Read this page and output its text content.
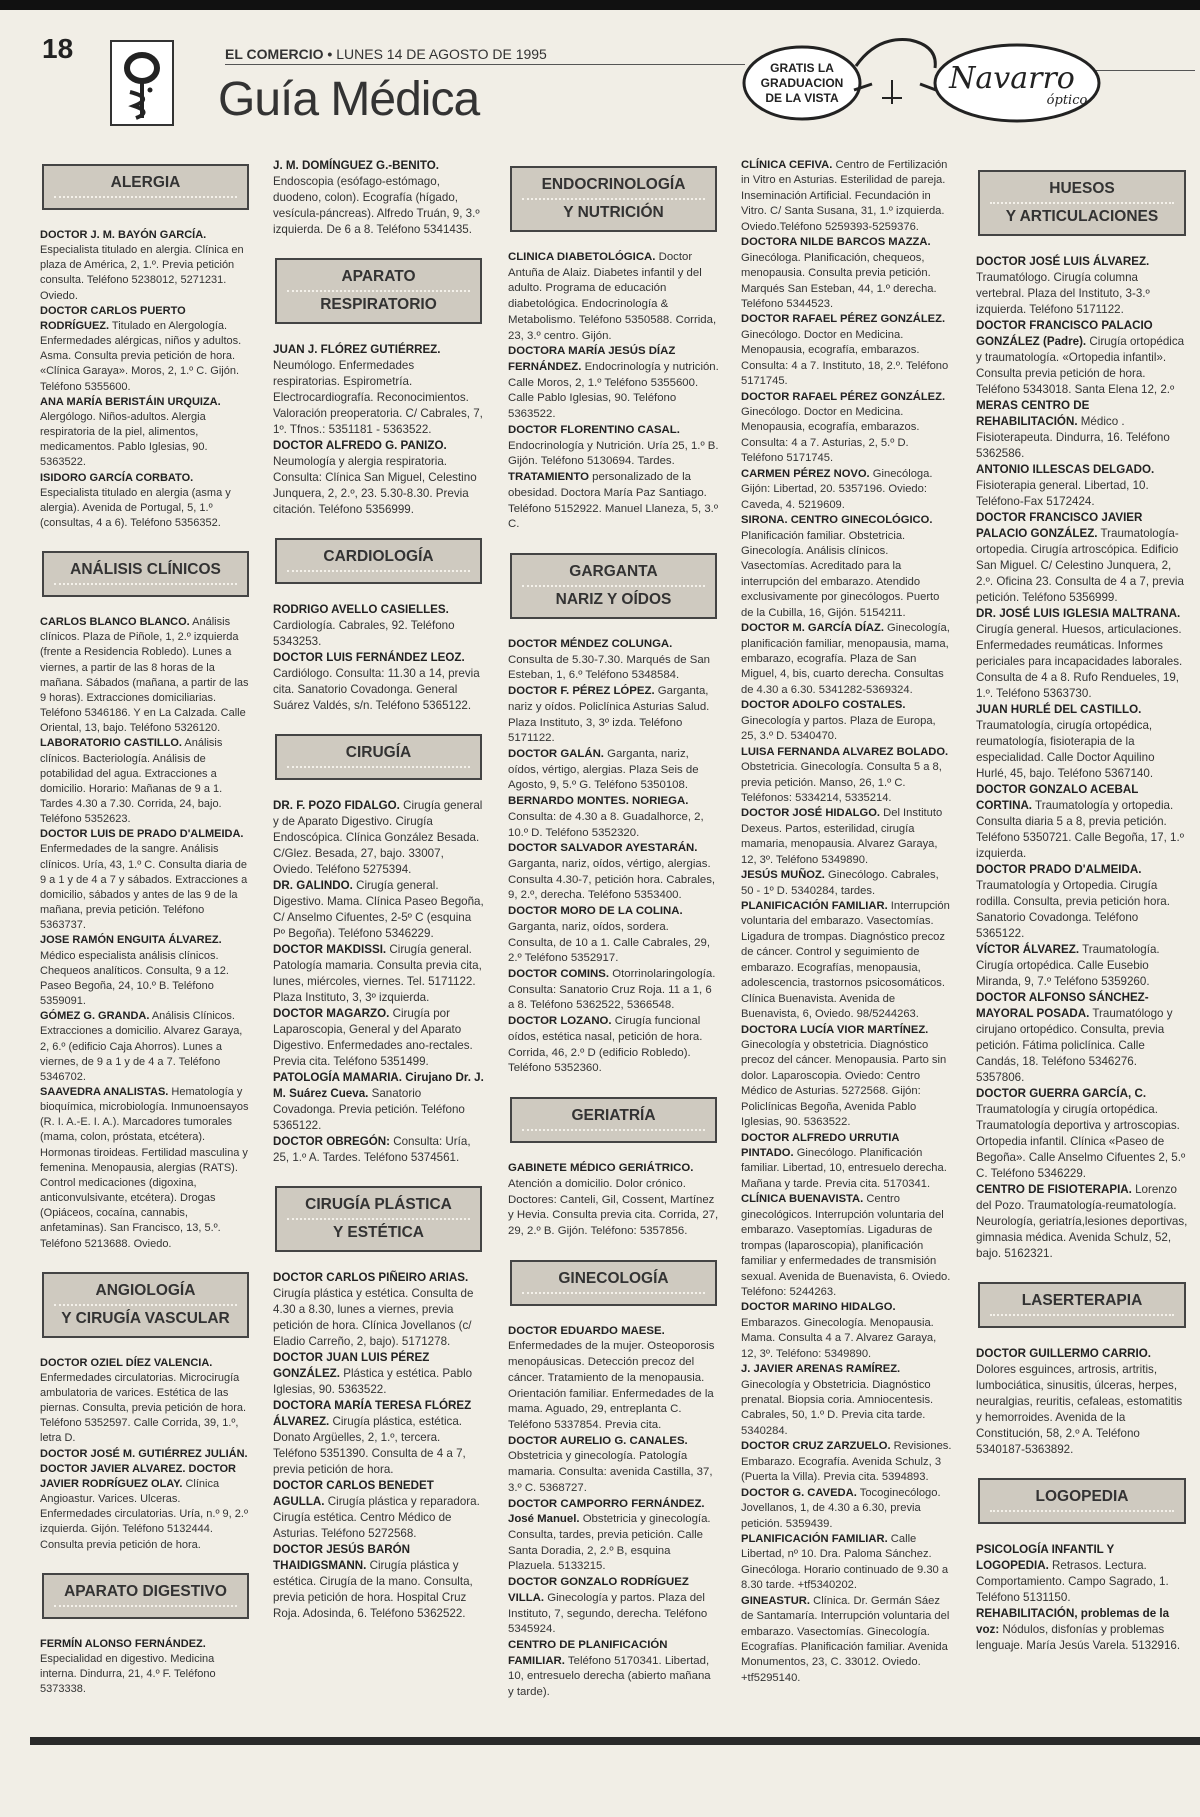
18	EL COMERCIO • LUNES 14 DE AGOSTO DE 1995
Guía Médica
GRATIS LA
GRADUACION
DE LA VISTA
Navarro
óptico
ALERGIA

DOCTOR J. M. BAYÓN GARCÍA. Especialista titulado en alergia. Clínica en plaza de América, 2, 1.º. Previa petición consulta. Teléfono 5238012, 5271231. Oviedo.

DOCTOR CARLOS PUERTO RODRÍGUEZ. Titulado en Alergología. Enfermedades alérgicas, niños y adultos. Asma. Consulta previa petición de hora. «Clínica Garaya». Moros, 2, 1.º C. Gijón. Teléfono 5355600.

ANA MARÍA BERISTÁIN URQUIZA. Alergólogo. Niños-adultos. Alergia respiratoria de la piel, alimentos, medicamentos. Pablo Iglesias, 90. 5363522.

ISIDORO GARCÍA CORBATO. Especialista titulado en alergia (asma y alergia). Avenida de Portugal, 5, 1.º (consultas, 4 a 6). Teléfono 5356352.

ANÁLISIS CLÍNICOS

CARLOS BLANCO BLANCO. Análisis clínicos. Plaza de Piñole, 1, 2.º izquierda (frente a Residencia Robledo). Lunes a viernes, a partir de las 8 horas de la mañana. Sábados (mañana, a partir de las 9 horas). Extracciones domiciliarias. Teléfono 5346186. Y en La Calzada. Calle Oriental, 13, bajo. Teléfono 5326120.

LABORATORIO CASTILLO. Análisis clínicos. Bacteriología. Análisis de potabilidad del agua. Extracciones a domicilio. Horario: Mañanas de 9 a 1. Tardes 4.30 a 7.30. Corrida, 24, bajo. Teléfono 5352623.

DOCTOR LUIS DE PRADO D'ALMEIDA. Enfermedades de la sangre. Análisis clínicos. Uría, 43, 1.º C. Consulta diaria de 9 a 1 y de 4 a 7 y sábados. Extracciones a domicilio, sábados y antes de las 9 de la mañana, previa petición. Teléfono 5363737.

JOSE RAMÓN ENGUITA ÁLVAREZ. Médico especialista análisis clínicos. Chequeos analíticos. Consulta, 9 a 12. Paseo Begoña, 24, 10.º B. Teléfono 5359091.

GÓMEZ G. GRANDA. Análisis Clínicos. Extracciones a domicilio. Alvarez Garaya, 2, 6.º (edificio Caja Ahorros). Lunes a viernes, de 9 a 1 y de 4 a 7. Teléfono 5346702.

SAAVEDRA ANALISTAS. Hematología y bioquímica, microbiología. Inmunoensayos (R. I. A.-E. I. A.). Marcadores tumorales (mama, colon, próstata, etcétera). Hormonas tiroideas. Fertilidad masculina y femenina. Menopausia, alergias (RATS). Control medicaciones (digoxina, anticonvulsivante, etcétera). Drogas (Opiáceos, cocaína, cannabis, anfetaminas). San Francisco, 13, 5.º. Teléfono 5213688. Oviedo.

ANGIOLOGÍA
Y CIRUGÍA VASCULAR

DOCTOR OZIEL DÍEZ VALENCIA. Enfermedades circulatorias. Microcirugía ambulatoria de varices. Estética de las piernas. Consulta, previa petición de hora. Teléfono 5352597. Calle Corrida, 39, 1.º, letra D.

DOCTOR JOSÉ M. GUTIÉRREZ JULIÁN. DOCTOR JAVIER ALVAREZ. DOCTOR JAVIER RODRÍGUEZ OLAY. Clínica Angioastur. Varices. Ulceras. Enfermedades circulatorias. Uría, n.º 9, 2.º izquierda. Gijón. Teléfono 5132444. Consulta previa petición de hora.

APARATO DIGESTIVO

FERMÍN ALONSO FERNÁNDEZ. Especialidad en digestivo. Medicina interna. Dindurra, 21, 4.º F. Teléfono 5373338.

J. M. DOMÍNGUEZ G.-BENITO. Endoscopia (esófago-estómago, duodeno, colon). Ecografía (hígado, vesícula-páncreas). Alfredo Truán, 9, 3.º izquierda. De 6 a 8. Teléfono 5341435.

APARATO
RESPIRATORIO

JUAN J. FLÓREZ GUTIÉRREZ. Neumólogo. Enfermedades respiratorias. Espirometría. Electrocardiografía. Reconocimientos. Valoración preoperatoria. C/ Cabrales, 7, 1º. Tfnos.: 5351181 - 5363522.

DOCTOR ALFREDO G. PANIZO. Neumología y alergia respiratoria. Consulta: Clínica San Miguel, Celestino Junquera, 2, 2.º, 23. 5.30-8.30. Previa citación. Teléfono 5356999.

CARDIOLOGÍA

RODRIGO AVELLO CASIELLES. Cardiología. Cabrales, 92. Teléfono 5343253.

DOCTOR LUIS FERNÁNDEZ LEOZ. Cardiólogo. Consulta: 11.30 a 14, previa cita. Sanatorio Covadonga. General Suárez Valdés, s/n. Teléfono 5365122.

CIRUGÍA

DR. F. POZO FIDALGO. Cirugía general y de Aparato Digestivo. Cirugía Endoscópica. Clínica González Besada. C/Glez. Besada, 27, bajo. 33007, Oviedo. Teléfono 5275394.

DR. GALINDO. Cirugía general. Digestivo. Mama. Clínica Paseo Begoña, C/ Anselmo Cifuentes, 2-5º C (esquina Pº Begoña). Teléfono 5346229.

DOCTOR MAKDISSI. Cirugía general. Patología mamaria. Consulta previa cita, lunes, miércoles, viernes. Tel. 5171122. Plaza Instituto, 3, 3º izquierda.

DOCTOR MAGARZO. Cirugía por Laparoscopia, General y del Aparato Digestivo. Enfermedades ano-rectales. Previa cita. Teléfono 5351499.

PATOLOGÍA MAMARIA. Cirujano Dr. J. M. Suárez Cueva. Sanatorio Covadonga. Previa petición. Teléfono 5365122.

DOCTOR OBREGÓN: Consulta: Uría, 25, 1.º A. Tardes. Teléfono 5374561.

CIRUGÍA PLÁSTICA
Y ESTÉTICA

DOCTOR CARLOS PIÑEIRO ARIAS. Cirugía plástica y estética. Consulta de 4.30 a 8.30, lunes a viernes, previa petición de hora. Clínica Jovellanos (c/ Eladio Carreño, 2, bajo). 5171278.

DOCTOR JUAN LUIS PÉREZ GONZÁLEZ. Plástica y estética. Pablo Iglesias, 90. 5363522.

DOCTORA MARÍA TERESA FLÓREZ ÁLVAREZ. Cirugía plástica, estética. Donato Argüelles, 2, 1.º, tercera. Teléfono 5351390. Consulta de 4 a 7, previa petición de hora.

DOCTOR CARLOS BENEDET AGULLA. Cirugía plástica y reparadora. Cirugía estética. Centro Médico de Asturias. Teléfono 5272568.

DOCTOR JESÚS BARÓN THAIDIGSMANN. Cirugía plástica y estética. Cirugía de la mano. Consulta, previa petición de hora. Hospital Cruz Roja. Adosinda, 6. Teléfono 5362522.

ENDOCRINOLOGÍA
Y NUTRICIÓN

CLINICA DIABETOLÓGICA. Doctor Antuña de Alaiz. Diabetes infantil y del adulto. Programa de educación diabetológica. Endocrinología & Metabolismo. Teléfono 5350588. Corrida, 23, 3.º centro. Gijón.

DOCTORA MARÍA JESÚS DÍAZ FERNÁNDEZ. Endocrinología y nutrición. Calle Moros, 2, 1.º Teléfono 5355600. Calle Pablo Iglesias, 90. Teléfono 5363522.

DOCTOR FLORENTINO CASAL. Endocrinología y Nutrición. Uría 25, 1.º B. Gijón. Teléfono 5130694. Tardes.

TRATAMIENTO personalizado de la obesidad. Doctora María Paz Santiago. Teléfono 5152922. Manuel Llaneza, 5, 3.º C.

GARGANTA
NARIZ Y OÍDOS

DOCTOR MÉNDEZ COLUNGA. Consulta de 5.30-7.30. Marqués de San Esteban, 1, 6.º Teléfono 5348584.

DOCTOR F. PÉREZ LÓPEZ. Garganta, nariz y oídos. Policlínica Asturias Salud. Plaza Instituto, 3, 3º izda. Teléfono 5171122.

DOCTOR GALÁN. Garganta, nariz, oídos, vértigo, alergias. Plaza Seis de Agosto, 9, 5.º G. Teléfono 5350108.

BERNARDO MONTES. NORIEGA. Consulta: de 4.30 a 8. Guadalhorce, 2, 10.º D. Teléfono 5352320.

DOCTOR SALVADOR AYESTARÁN. Garganta, nariz, oídos, vértigo, alergias. Consulta 4.30-7, petición hora. Cabrales, 9, 2.º, derecha. Teléfono 5353400.

DOCTOR MORO DE LA COLINA. Garganta, nariz, oídos, sordera. Consulta, de 10 a 1. Calle Cabrales, 29, 2.º Teléfono 5352917.

DOCTOR COMINS. Otorrinolaringología. Consulta: Sanatorio Cruz Roja. 11 a 1, 6 a 8. Teléfono 5362522, 5366548.

DOCTOR LOZANO. Cirugía funcional oídos, estética nasal, petición de hora. Corrida, 46, 2.º D (edificio Robledo). Teléfono 5352360.

GERIATRÍA

GABINETE MÉDICO GERIÁTRICO. Atención a domicilio. Dolor crónico. Doctores: Canteli, Gil, Cossent, Martínez y Hevia. Consulta previa cita. Corrida, 27, 29, 2.º B. Gijón. Teléfono: 5357856.

GINECOLOGÍA

DOCTOR EDUARDO MAESE. Enfermedades de la mujer. Osteoporosis menopáusicas. Detección precoz del cáncer. Tratamiento de la menopausia. Orientación familiar. Enfermedades de la mama. Aguado, 29, entreplanta C. Teléfono 5337854. Previa cita.

DOCTOR AURELIO G. CANALES. Obstetricia y ginecología. Patología mamaria. Consulta: avenida Castilla, 37, 3.º C. 5368727.

DOCTOR CAMPORRO FERNÁNDEZ. José Manuel. Obstetricia y ginecología. Consulta, tardes, previa petición. Calle Santa Doradia, 2, 2.º B, esquina Plazuela. 5133215.

DOCTOR GONZALO RODRÍGUEZ VILLA. Ginecología y partos. Plaza del Instituto, 7, segundo, derecha. Teléfono 5345924.

CENTRO DE PLANIFICACIÓN FAMILIAR. Teléfono 5170341. Libertad, 10, entresuelo derecha (abierto mañana y tarde).

CLÍNICA CEFIVA. Centro de Fertilización in Vitro en Asturias. Esterilidad de pareja. Inseminación Artificial. Fecundación in Vitro. C/ Santa Susana, 31, 1.º izquierda. Oviedo.Teléfono 5259393-5259376.

DOCTORA NILDE BARCOS MAZZA. Ginecóloga. Planificación, chequeos, menopausia. Consulta previa petición. Marqués San Esteban, 44, 1.º derecha. Teléfono 5344523.

DOCTOR RAFAEL PÉREZ GONZÁLEZ. Ginecólogo. Doctor en Medicina. Menopausia, ecografía, embarazos. Consulta: 4 a 7. Instituto, 18, 2.º. Teléfono 5171745.

DOCTOR RAFAEL PÉREZ GONZÁLEZ. Ginecólogo. Doctor en Medicina. Menopausia, ecografía, embarazos. Consulta: 4 a 7. Asturias, 2, 5.º D. Teléfono 5171745.

CARMEN PÉREZ NOVO. Ginecóloga. Gijón: Libertad, 20. 5357196. Oviedo: Caveda, 4. 5219609.

SIRONA. CENTRO GINECOLÓGICO. Planificación familiar. Obstetricia. Ginecología. Análisis clínicos. Vasectomías. Acreditado para la interrupción del embarazo. Atendido exclusivamente por ginecólogos. Puerto de la Cubilla, 16, Gijón. 5154211.

DOCTOR M. GARCÍA DÍAZ. Ginecología, planificación familiar, menopausia, mama, embarazo, ecografía. Plaza de San Miguel, 4, bis, cuarto derecha. Consultas de 4.30 a 6.30. 5341282-5369324.

DOCTOR ADOLFO COSTALES. Ginecología y partos. Plaza de Europa, 25, 3.º D. 5340470.

LUISA FERNANDA ALVAREZ BOLADO. Obstetricia. Ginecología. Consulta 5 a 8, previa petición. Manso, 26, 1.º C. Teléfonos: 5334214, 5335214.

DOCTOR JOSÉ HIDALGO. Del Instituto Dexeus. Partos, esterilidad, cirugía mamaria, menopausia. Alvarez Garaya, 12, 3º. Teléfono 5349890.

JESÚS MUÑOZ. Ginecólogo. Cabrales, 50 - 1º D. 5340284, tardes.

PLANIFICACIÓN FAMILIAR. Interrupción voluntaria del embarazo. Vasectomías. Ligadura de trompas. Diagnóstico precoz de cáncer. Control y seguimiento de embarazo. Ecografías, menopausia, adolescencia, trastornos psicosomáticos. Clínica Buenavista. Avenida de Buenavista, 6, Oviedo. 98/5244263.

DOCTORA LUCÍA VIOR MARTÍNEZ. Ginecología y obstetricia. Diagnóstico precoz del cáncer. Menopausia. Parto sin dolor. Laparoscopia. Oviedo: Centro Médico de Asturias. 5272568. Gijón: Policlínicas Begoña, Avenida Pablo Iglesias, 90. 5363522.

DOCTOR ALFREDO URRUTIA PINTADO. Ginecólogo. Planificación familiar. Libertad, 10, entresuelo derecha. Mañana y tarde. Previa cita. 5170341.

CLÍNICA BUENAVISTA. Centro ginecológicos. Interrupción voluntaria del embarazo. Vaseptomías. Ligaduras de trompas (laparoscopia), planificación familiar y enfermedades de transmisión sexual. Avenida de Buenavista, 6. Oviedo. Teléfono: 5244263.

DOCTOR MARINO HIDALGO. Embarazos. Ginecología. Menopausia. Mama. Consulta 4 a 7. Alvarez Garaya, 12, 3º. Teléfono: 5349890.

J. JAVIER ARENAS RAMÍREZ. Ginecología y Obstetricia. Diagnóstico prenatal. Biopsia coria. Amniocentesis. Cabrales, 50, 1.º D. Previa cita tarde. 5340284.

DOCTOR CRUZ ZARZUELO. Revisiones. Embarazo. Ecografía. Avenida Schulz, 3 (Puerta la Villa). Previa cita. 5394893.

DOCTOR G. CAVEDA. Tocoginecólogo. Jovellanos, 1, de 4.30 a 6.30, previa petición. 5359439.

PLANIFICACIÓN FAMILIAR. Calle Libertad, nº 10. Dra. Paloma Sánchez. Ginecóloga. Horario continuado de 9.30 a 8.30 tarde. +tf5340202.

GINEASTUR. Clínica. Dr. Germán Sáez de Santamaría. Interrupción voluntaria del embarazo. Vasectomías. Ginecología. Ecografías. Planificación familiar. Avenida Monumentos, 23, C. 33012. Oviedo. +tf5295140.

HUESOS
Y ARTICULACIONES

DOCTOR JOSÉ LUIS ÁLVAREZ. Traumatólogo. Cirugía columna vertebral. Plaza del Instituto, 3-3.º izquierda. Teléfono 5171122.

DOCTOR FRANCISCO PALACIO GONZÁLEZ (Padre). Cirugía ortopédica y traumatología. «Ortopedia infantil». Consulta previa petición de hora. Teléfono 5343018. Santa Elena 12, 2.º

MERAS CENTRO DE REHABILITACIÓN. Médico . Fisioterapeuta. Dindurra, 16. Teléfono 5362586.

ANTONIO ILLESCAS DELGADO. Fisioterapia general. Libertad, 10. Teléfono-Fax 5172424.

DOCTOR FRANCISCO JAVIER PALACIO GONZÁLEZ. Traumatología-ortopedia. Cirugía artroscópica. Edificio San Miguel. C/ Celestino Junquera, 2, 2.º. Oficina 23. Consulta de 4 a 7, previa petición. Teléfono 5356999.

DR. JOSÉ LUIS IGLESIA MALTRANA. Cirugía general. Huesos, articulaciones. Enfermedades reumáticas. Informes periciales para incapacidades laborales. Consulta de 4 a 8. Rufo Rendueles, 19, 1.º. Teléfono 5363730.

JUAN HURLÉ DEL CASTILLO. Traumatología, cirugía ortopédica, reumatología, fisioterapia de la especialidad. Calle Doctor Aquilino Hurlé, 45, bajo. Teléfono 5367140.

DOCTOR GONZALO ACEBAL CORTINA. Traumatología y ortopedia. Consulta diaria 5 a 8, previa petición. Teléfono 5350721. Calle Begoña, 17, 1.º izquierda.

DOCTOR PRADO D'ALMEIDA. Traumatología y Ortopedia. Cirugía rodilla. Consulta, previa petición hora. Sanatorio Covadonga. Teléfono 5365122.

VÍCTOR ÁLVAREZ. Traumatología. Cirugía ortopédica. Calle Eusebio Miranda, 9, 7.º Teléfono 5359260.

DOCTOR ALFONSO SÁNCHEZ-MAYORAL POSADA. Traumatólogo y cirujano ortopédico. Consulta, previa petición. Fátima policlínica. Calle Candás, 18. Teléfono 5346276. 5357806.

DOCTOR GUERRA GARCÍA, C. Traumatología y cirugía ortopédica. Traumatología deportiva y artroscopias. Ortopedia infantil. Clínica «Paseo de Begoña». Calle Anselmo Cifuentes 2, 5.º C. Teléfono 5346229.

CENTRO DE FISIOTERAPIA. Lorenzo del Pozo. Traumatología-reumatología. Neurología, geriatría,lesiones deportivas, gimnasia médica. Avenida Schulz, 52, bajo. 5162321.

LASERTERAPIA

DOCTOR GUILLERMO CARRIO. Dolores esguinces, artrosis, artritis, lumbociática, sinusitis, úlceras, herpes, neuralgias, reuritis, cefaleas, estomatitis y hemorroides. Avenida de la Constitución, 58, 2.º A. Teléfono 5340187-5363892.

LOGOPEDIA

PSICOLOGÍA INFANTIL Y LOGOPEDIA. Retrasos. Lectura. Comportamiento. Campo Sagrado, 1. Teléfono 5131150.

REHABILITACIÓN, problemas de la voz: Nódulos, disfonías y problemas lenguaje. María Jesús Varela. 5132916.
